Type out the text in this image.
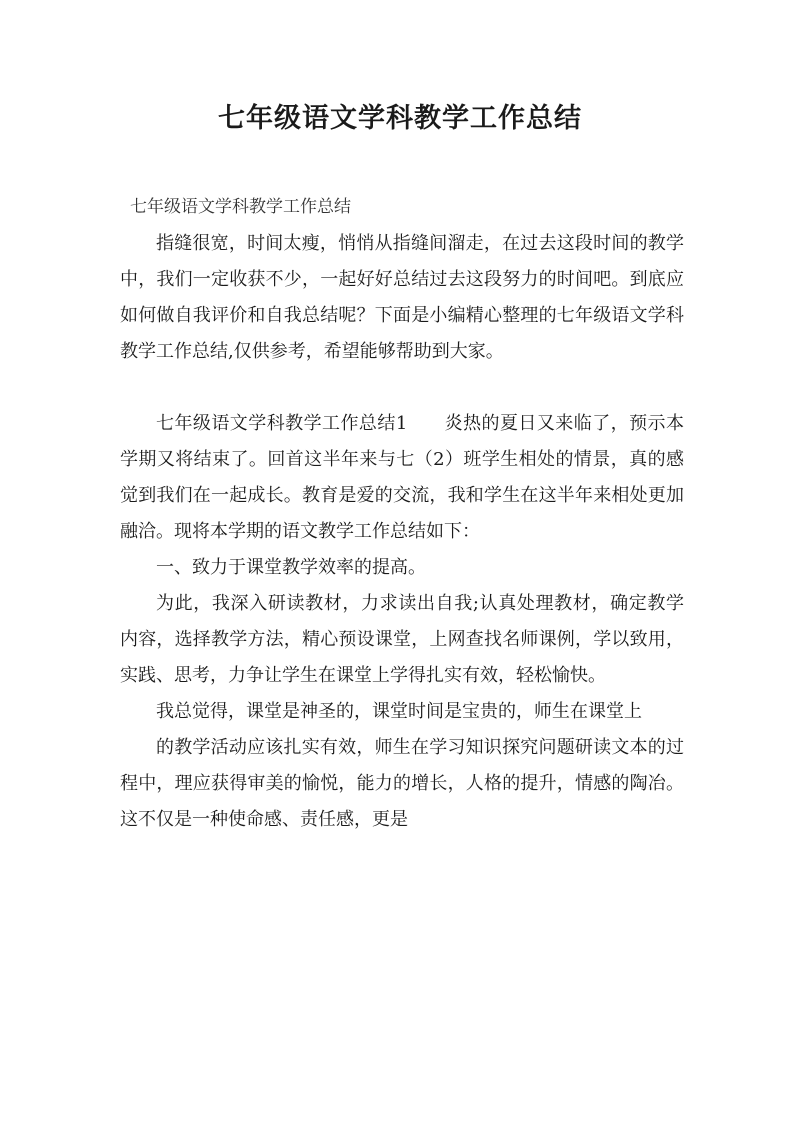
七年级语文学科教学工作总结
七年级语文学科教学工作总结

指缝很宽，时间太瘦，悄悄从指缝间溜走，在过去这段时间的教学中，我们一定收获不少，一起好好总结过去这段努力的时间吧。到底应如何做自我评价和自我总结呢？下面是小编精心整理的七年级语文学科教学工作总结,仅供参考，希望能够帮助到大家。

七年级语文学科教学工作总结1　　炎热的夏日又来临了，预示本学期又将结束了。回首这半年来与七（2）班学生相处的情景，真的感觉到我们在一起成长。教育是爱的交流，我和学生在这半年来相处更加融洽。现将本学期的语文教学工作总结如下：

一、致力于课堂教学效率的提高。

为此，我深入研读教材，力求读出自我;认真处理教材，确定教学内容，选择教学方法，精心预设课堂，上网查找名师课例，学以致用，实践、思考，力争让学生在课堂上学得扎实有效，轻松愉快。

我总觉得，课堂是神圣的，课堂时间是宝贵的，师生在课堂上

的教学活动应该扎实有效，师生在学习知识探究问题研读文本的过程中，理应获得审美的愉悦，能力的增长，人格的提升，情感的陶冶。这不仅是一种使命感、责任感，更是
